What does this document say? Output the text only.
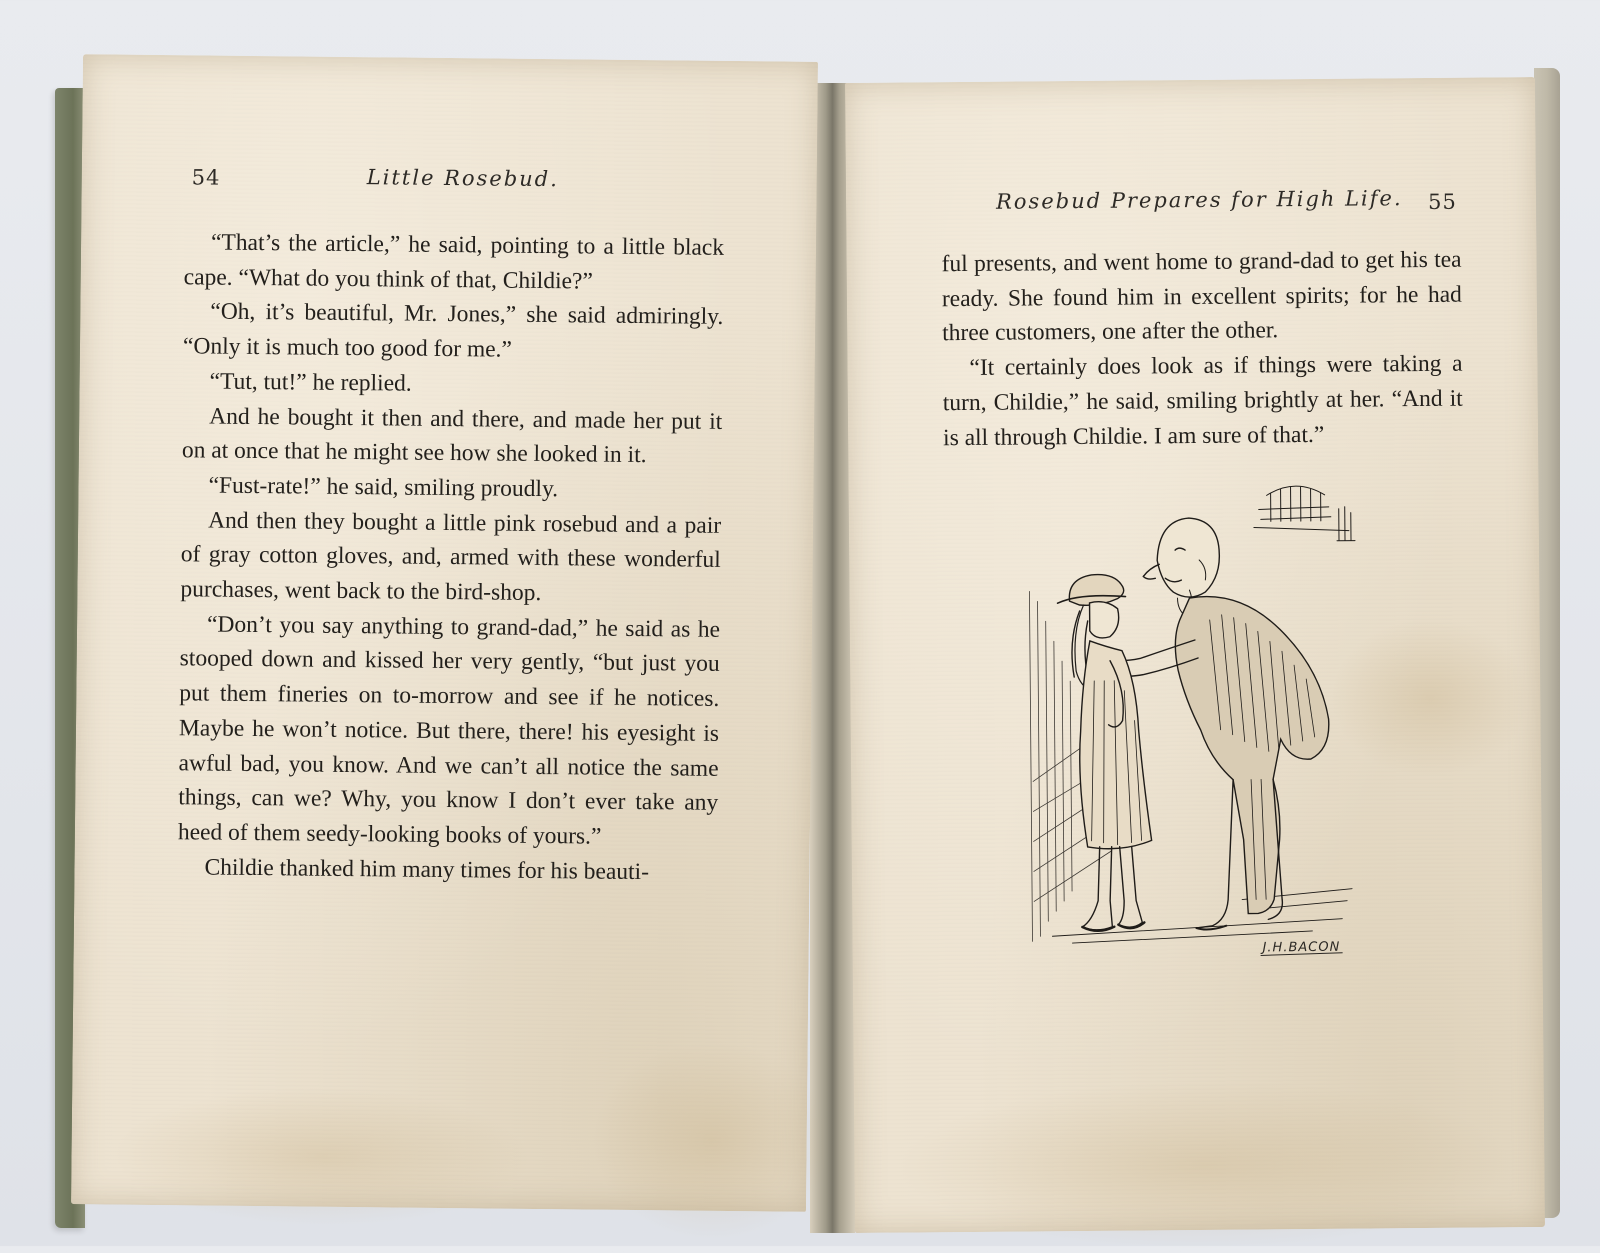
54	Little Rosebud.

“That’s the article,” he said, pointing to a little black cape. “What do you think of that, Childie?”

“Oh, it’s beautiful, Mr. Jones,” she said admiringly. “Only it is much too good for me.”

“Tut, tut!” he replied.

And he bought it then and there, and made her put it on at once that he might see how she looked in it.

“Fust-rate!” he said, smiling proudly.

And then they bought a little pink rosebud and a pair of gray cotton gloves, and, armed with these wonderful purchases, went back to the bird-shop.

“Don’t you say anything to grand-dad,” he said as he stooped down and kissed her very gently, “but just you put them fineries on to-morrow and see if he notices. Maybe he won’t notice. But there, there! his eyesight is awful bad, you know. And we can’t all notice the same things, can we? Why, you know I don’t ever take any heed of them seedy-looking books of yours.”

Childie thanked him many times for his beauti-

Rosebud Prepares for High Life. 55

ful presents, and went home to grand-dad to get his tea ready. She found him in excellent spirits; for he had three customers, one after the other.

“It certainly does look as if things were taking a turn, Childie,” he said, smiling brightly at her. “And it is all through Childie. I am sure of that.”

J.H.BACON
